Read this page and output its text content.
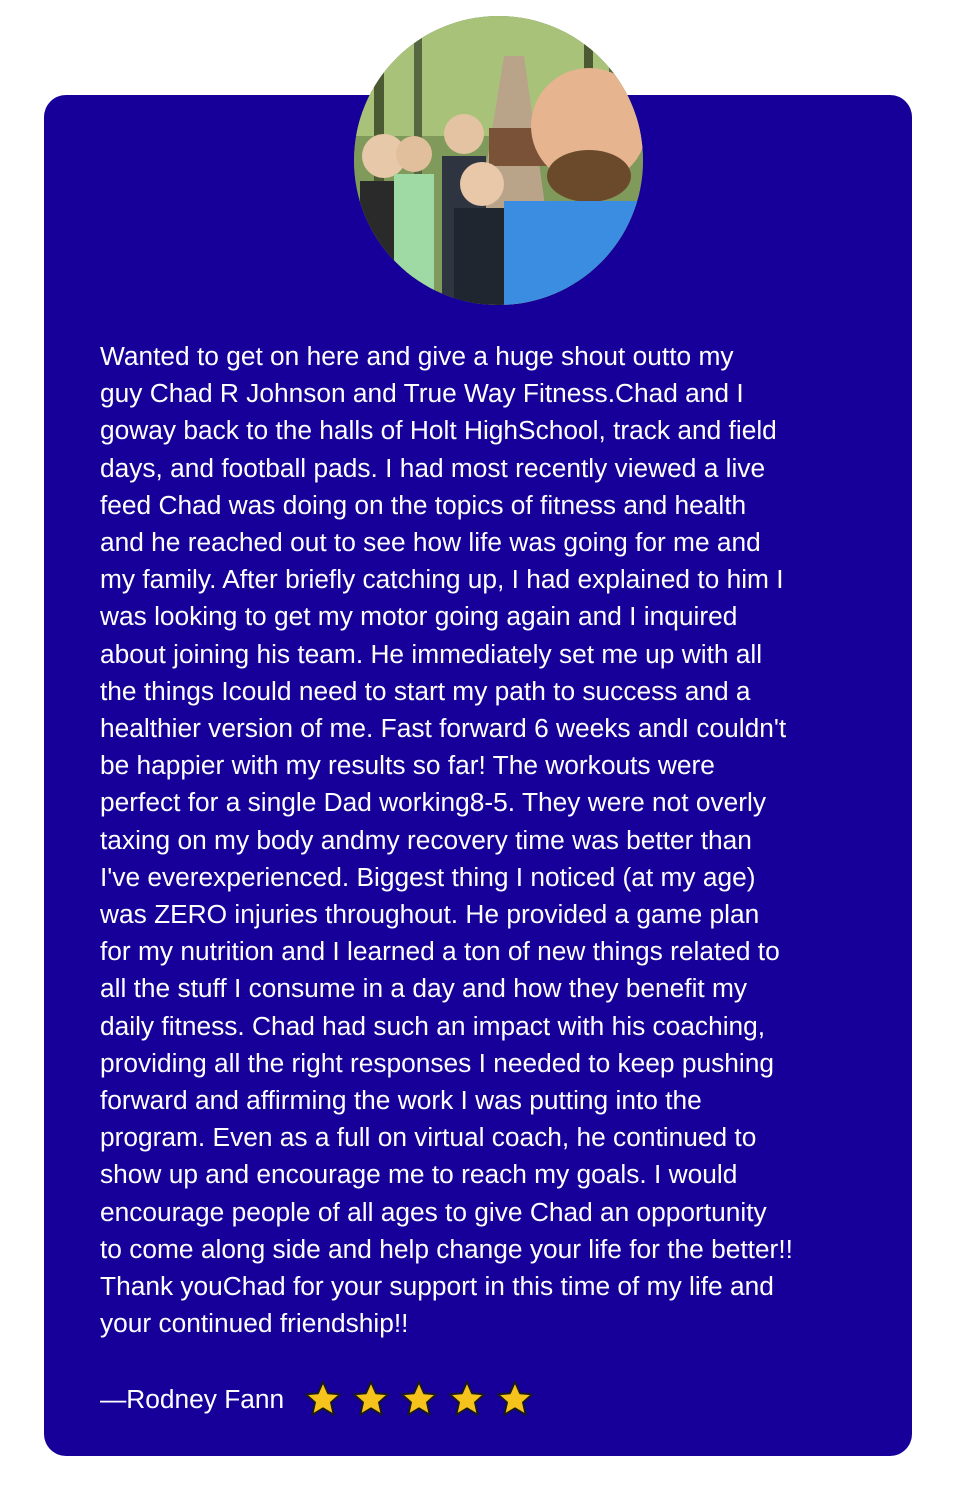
Wanted to get on here and give a huge shout outto my
guy Chad R Johnson and True Way Fitness.Chad and I
goway back to the halls of Holt HighSchool, track and field
days, and football pads. I had most recently viewed a live
feed Chad was doing on the topics of fitness and health
and he reached out to see how life was going for me and
my family. After briefly catching up, I had explained to him I
was looking to get my motor going again and I inquired
about joining his team. He immediately set me up with all
the things Icould need to start my path to success and a
healthier version of me. Fast forward 6 weeks andI couldn't
be happier with my results so far! The workouts were
perfect for a single Dad working8-5. They were not overly
taxing on my body andmy recovery time was better than
I've everexperienced. Biggest thing I noticed (at my age)
was ZERO injuries throughout. He provided a game plan
for my nutrition and I learned a ton of new things related to
all the stuff I consume in a day and how they benefit my
daily fitness. Chad had such an impact with his coaching,
providing all the right responses I needed to keep pushing
forward and affirming the work I was putting into the
program. Even as a full on virtual coach, he continued to
show up and encourage me to reach my goals. I would
encourage people of all ages to give Chad an opportunity
to come along side and help change your life for the better!!
Thank youChad for your support in this time of my life and
your continued friendship!!

—Rodney Fann
